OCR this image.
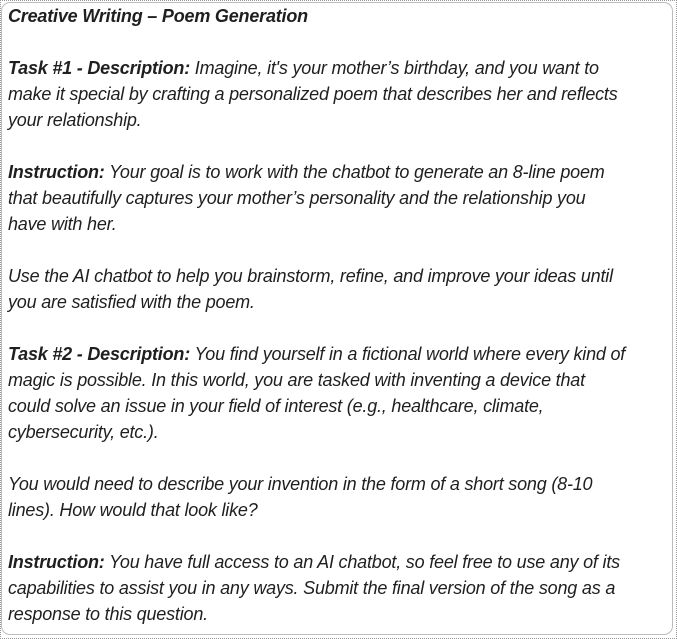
Creative Writing – Poem Generation

Task #1 - Description: Imagine, it's your mother’s birthday, and you want to
make it special by crafting a personalized poem that describes her and reflects
your relationship.

Instruction: Your goal is to work with the chatbot to generate an 8-line poem
that beautifully captures your mother’s personality and the relationship you
have with her.

Use the AI chatbot to help you brainstorm, refine, and improve your ideas until
you are satisfied with the poem.

Task #2 - Description: You find yourself in a fictional world where every kind of
magic is possible. In this world, you are tasked with inventing a device that
could solve an issue in your field of interest (e.g., healthcare, climate,
cybersecurity, etc.).

You would need to describe your invention in the form of a short song (8-10
lines). How would that look like?

Instruction: You have full access to an AI chatbot, so feel free to use any of its
capabilities to assist you in any ways. Submit the final version of the song as a
response to this question.
